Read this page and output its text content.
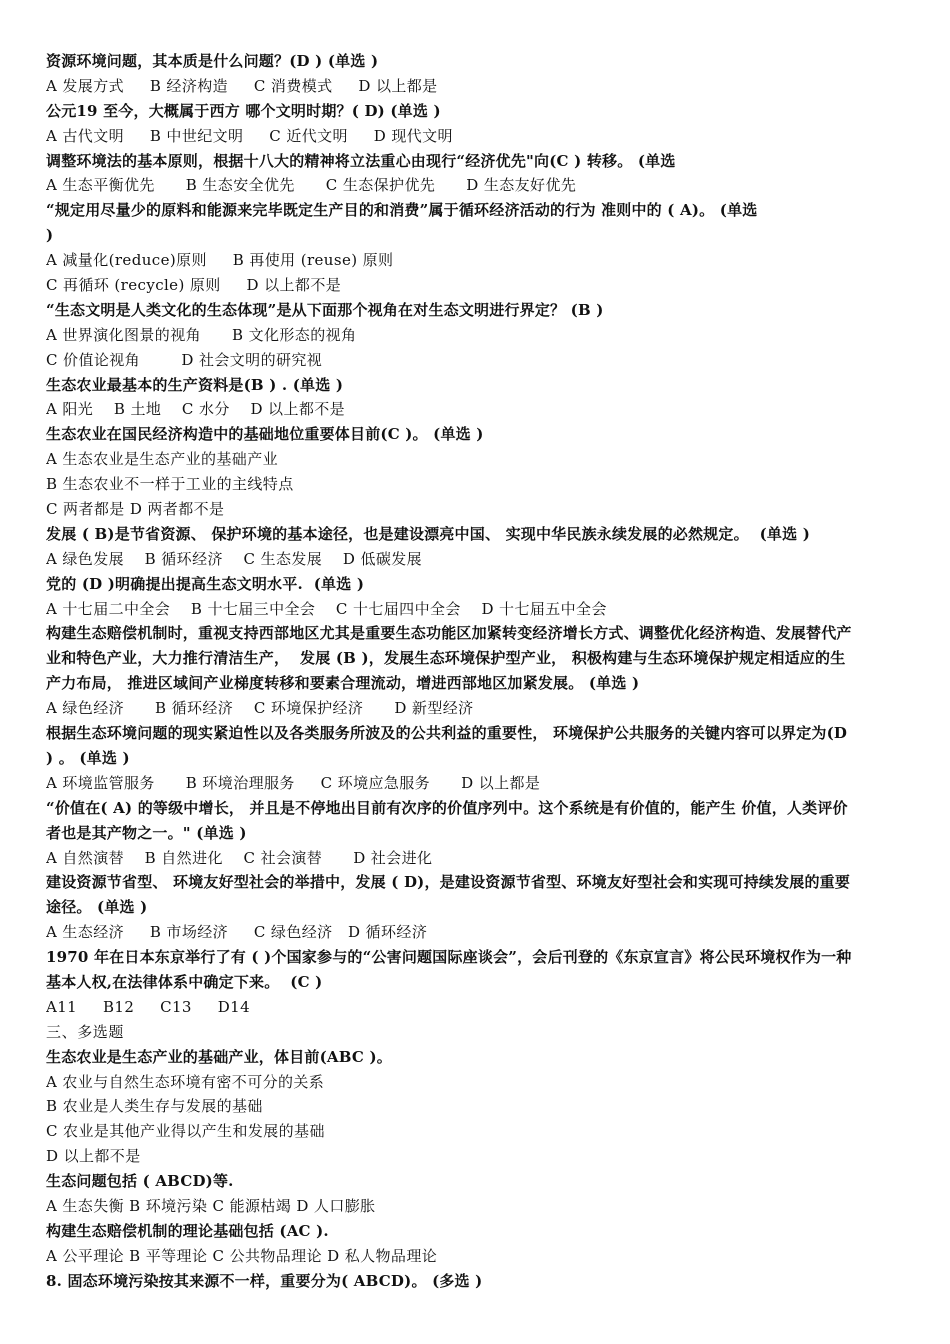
资源环境问题，其本质是什么问题？(D ) (单选 )
A 发展方式     B 经济构造     C 消费模式     D 以上都是
公元19 至今，大概属于西方 哪个文明时期？( D) (单选 )
A 古代文明     B 中世纪文明     C 近代文明     D 现代文明
调整环境法的基本原则，根据十八大的精神将立法重心由现行“经济优先"向(C ) 转移。 (单选
A 生态平衡优先      B 生态安全优先      C 生态保护优先      D 生态友好优先
“规定用尽量少的原料和能源来完毕既定生产目的和消费”属于循环经济活动的行为 准则中的 ( A)。 (单选
)
A 减量化(reduce)原则     B 再使用 (reuse) 原则
C 再循环 (recycle) 原则     D 以上都不是
“生态文明是人类文化的生态体现”是从下面那个视角在对生态文明进行界定？ (B )
A 世界演化图景的视角      B 文化形态的视角
C 价值论视角        D 社会文明的研究视
生态农业最基本的生产资料是(B ) . (单选 )
A 阳光    B 土地    C 水分    D 以上都不是
生态农业在国民经济构造中的基础地位重要体目前(C )。 (单选 )
A 生态农业是生态产业的基础产业
B 生态农业不一样于工业的主线特点
C 两者都是 D 两者都不是
发展 ( B)是节省资源、 保护环境的基本途径，也是建设漂亮中国、 实现中华民族永续发展的必然规定。  (单选 )
A 绿色发展    B 循环经济    C 生态发展    D 低碳发展
党的 (D )明确提出提高生态文明水平.  (单选 )
A 十七届二中全会    B 十七届三中全会    C 十七届四中全会    D 十七届五中全会
构建生态赔偿机制时，重视支持西部地区尤其是重要生态功能区加紧转变经济增长方式、调整优化经济构造、发展替代产
业和特色产业，大力推行清洁生产，  发展 (B )，发展生态环境保护型产业， 积极构建与生态环境保护规定相适应的生
产力布局， 推进区域间产业梯度转移和要素合理流动，增进西部地区加紧发展。 (单选 )
A 绿色经济      B 循环经济    C 环境保护经济      D 新型经济
根据生态环境问题的现实紧迫性以及各类服务所波及的公共利益的重要性， 环境保护公共服务的关键内容可以界定为(D
) 。 (单选 )
A 环境监管服务      B 环境治理服务     C 环境应急服务      D 以上都是
“价值在( A) 的等级中增长， 并且是不停地出目前有次序的价值序列中。这个系统是有价值的，能产生 价值，人类评价
者也是其产物之一。" (单选 )
A 自然演替    B 自然进化    C 社会演替      D 社会进化
建设资源节省型、 环境友好型社会的举措中，发展 ( D)，是建设资源节省型、环境友好型社会和实现可持续发展的重要
途径。 (单选 )
A 生态经济     B 市场经济     C 绿色经济   D 循环经济
1970 年在日本东京举行了有 ( )个国家参与的“公害问题国际座谈会”，会后刊登的《东京宣言》将公民环境权作为一种
基本人权,在法律体系中确定下来。  (C )
A11     B12     C13     D14
三、多选题
生态农业是生态产业的基础产业，体目前(ABC )。
A 农业与自然生态环境有密不可分的关系
B 农业是人类生存与发展的基础
C 农业是其他产业得以产生和发展的基础
D 以上都不是
生态问题包括 ( ABCD)等.
A 生态失衡 B 环境污染 C 能源枯竭 D 人口膨胀
构建生态赔偿机制的理论基础包括 (AC ).
A 公平理论 B 平等理论 C 公共物品理论 D 私人物品理论
8. 固态环境污染按其来源不一样，重要分为( ABCD)。 (多选 )
